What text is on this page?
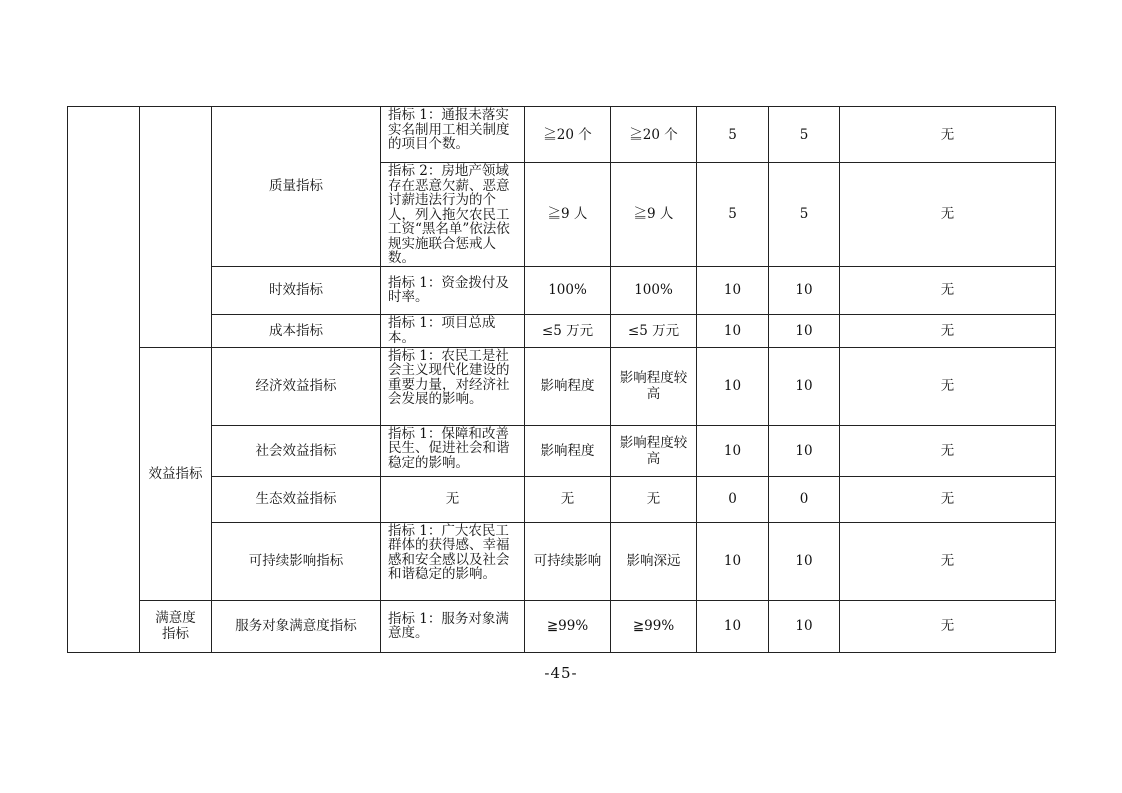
		质量指标	指标 1：通报未落实实名制用工相关制度的项目个数。	≧20 个	≧20 个	5	5	无
			指标 2：房地产领域存在恶意欠薪、恶意讨薪违法行为的个人，列入拖欠农民工工资“黑名单”依法依规实施联合惩戒人数。	≧9 人	≧9 人	5	5	无
		时效指标	指标 1：资金拨付及时率。	100%	100%	10	10	无
		成本指标	指标 1：项目总成本。	≤5 万元	≤5 万元	10	10	无
	效益指标	经济效益指标	指标 1：农民工是社会主义现代化建设的重要力量，对经济社会发展的影响。	影响程度	影响程度较高	10	10	无
		社会效益指标	指标 1：保障和改善民生、促进社会和谐稳定的影响。	影响程度	影响程度较高	10	10	无
		生态效益指标	无	无	无	0	0	无
		可持续影响指标	指标 1：广大农民工群体的获得感、幸福感和安全感以及社会和谐稳定的影响。	可持续影响	影响深远	10	10	无
	满意度指标	服务对象满意度指标	指标 1：服务对象满意度。	≧99%	≧99%	10	10	无
-45-
